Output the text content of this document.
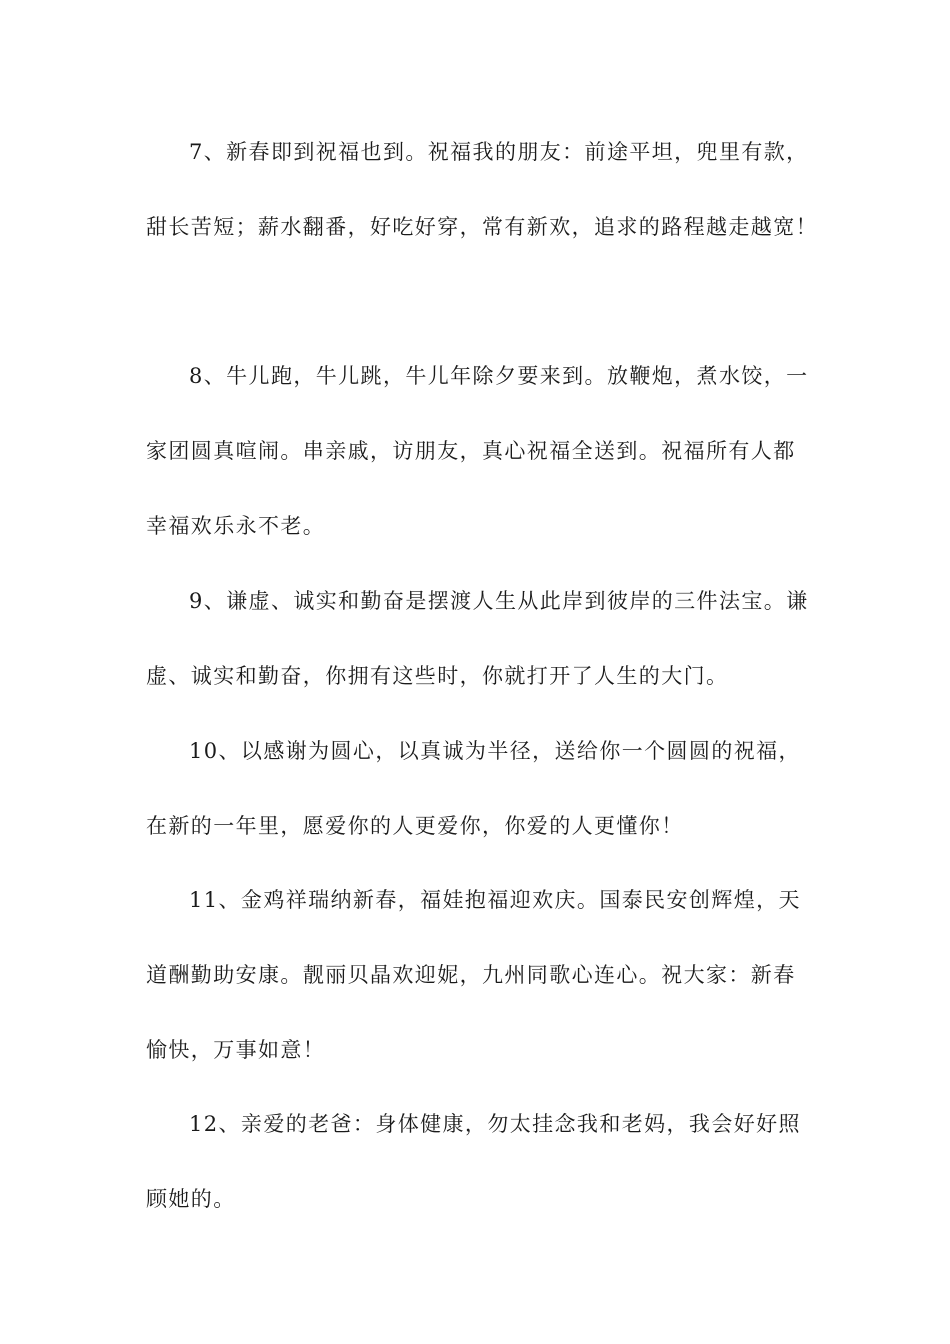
7、新春即到祝福也到。祝福我的朋友：前途平坦，兜里有款，
甜长苦短；薪水翻番，好吃好穿，常有新欢，追求的路程越走越宽！
8、牛儿跑，牛儿跳，牛儿年除夕要来到。放鞭炮，煮水饺，一
家团圆真喧闹。串亲戚，访朋友，真心祝福全送到。祝福所有人都
幸福欢乐永不老。
9、谦虚、诚实和勤奋是摆渡人生从此岸到彼岸的三件法宝。谦
虚、诚实和勤奋，你拥有这些时，你就打开了人生的大门。
10、以感谢为圆心，以真诚为半径，送给你一个圆圆的祝福，
在新的一年里，愿爱你的人更爱你，你爱的人更懂你！
11、金鸡祥瑞纳新春，福娃抱福迎欢庆。国泰民安创辉煌，天
道酬勤助安康。靓丽贝晶欢迎妮，九州同歌心连心。祝大家：新春
愉快，万事如意！
12、亲爱的老爸：身体健康，勿太挂念我和老妈，我会好好照
顾她的。
